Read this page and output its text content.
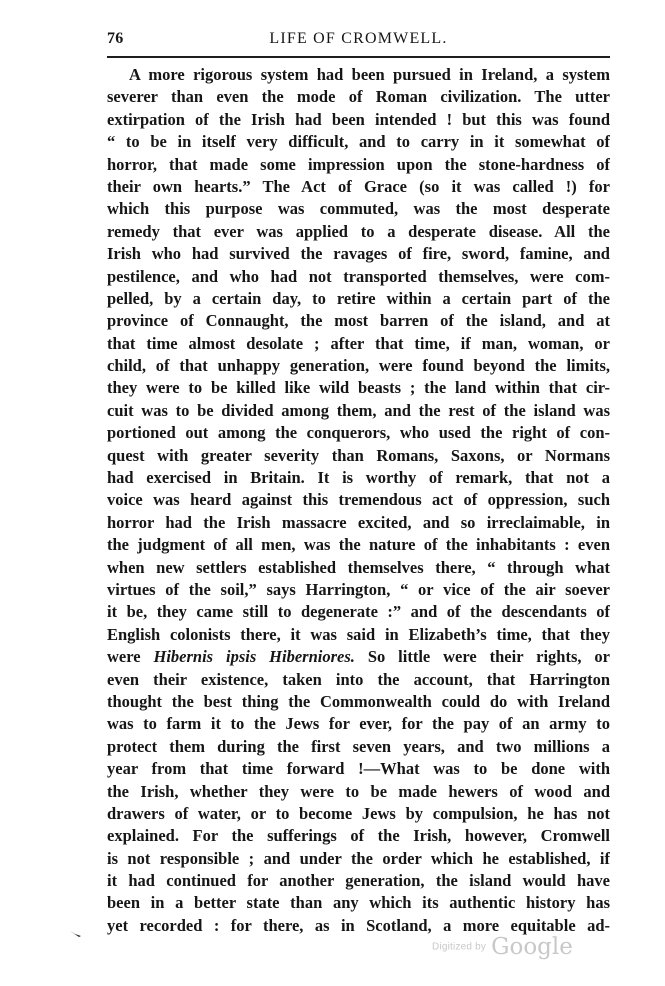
76	LIFE OF CROMWELL.
A more rigorous system had been pursued in Ireland, a system
severer than even the mode of Roman civilization. The utter
extirpation of the Irish had been intended ! but this was found
“ to be in itself very difficult, and to carry in it somewhat of
horror, that made some impression upon the stone-hardness of
their own hearts.” The Act of Grace (so it was called !) for
which this purpose was commuted, was the most desperate
remedy that ever was applied to a desperate disease. All the
Irish who had survived the ravages of fire, sword, famine, and
pestilence, and who had not transported themselves, were com-
pelled, by a certain day, to retire within a certain part of the
province of Connaught, the most barren of the island, and at
that time almost desolate ; after that time, if man, woman, or
child, of that unhappy generation, were found beyond the limits,
they were to be killed like wild beasts ; the land within that cir-
cuit was to be divided among them, and the rest of the island was
portioned out among the conquerors, who used the right of con-
quest with greater severity than Romans, Saxons, or Normans
had exercised in Britain. It is worthy of remark, that not a
voice was heard against this tremendous act of oppression, such
horror had the Irish massacre excited, and so irreclaimable, in
the judgment of all men, was the nature of the inhabitants : even
when new settlers established themselves there, “ through what
virtues of the soil,” says Harrington, “ or vice of the air soever
it be, they came still to degenerate :” and of the descendants of
English colonists there, it was said in Elizabeth’s time, that they
were Hibernis ipsis Hiberniores. So little were their rights, or
even their existence, taken into the account, that Harrington
thought the best thing the Commonwealth could do with Ireland
was to farm it to the Jews for ever, for the pay of an army to
protect them during the first seven years, and two millions a
year from that time forward !—What was to be done with
the Irish, whether they were to be made hewers of wood and
drawers of water, or to become Jews by compulsion, he has not
explained. For the sufferings of the Irish, however, Cromwell
is not responsible ; and under the order which he established, if
it had continued for another generation, the island would have
been in a better state than any which its authentic history has
yet recorded : for there, as in Scotland, a more equitable ad-
Digitized by Google
